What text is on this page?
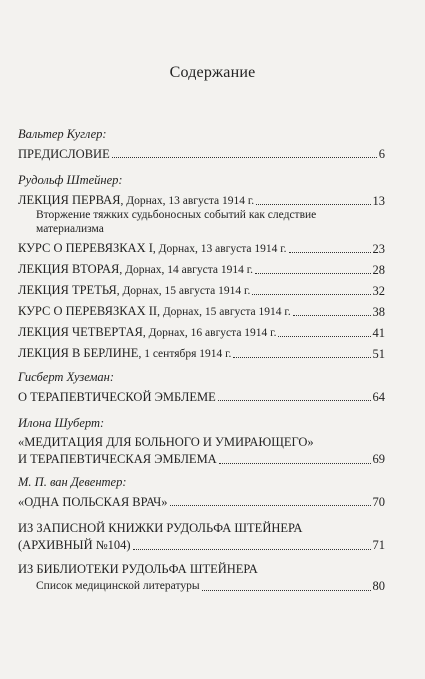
Содержание
Вальтер Куглер:
ПРЕДИСЛОВИЕ	6
Рудольф Штейнер:
ЛЕКЦИЯ ПЕРВАЯ, Дорнах, 13 августа 1914 г.	13
Вторжение тяжких судьбоносных событий как следствие материализма
КУРС О ПЕРЕВЯЗКАХ I, Дорнах, 13 августа 1914 г.	23
ЛЕКЦИЯ ВТОРАЯ, Дорнах, 14 августа 1914 г.	28
ЛЕКЦИЯ ТРЕТЬЯ, Дорнах, 15 августа 1914 г.	32
КУРС О ПЕРЕВЯЗКАХ II, Дорнах, 15 августа 1914 г.	38
ЛЕКЦИЯ ЧЕТВЕРТАЯ, Дорнах, 16 августа 1914 г.	41
ЛЕКЦИЯ В БЕРЛИНЕ, 1 сентября 1914 г.	51
Гисберт Хуземан:
О ТЕРАПЕВТИЧЕСКОЙ ЭМБЛЕМЕ	64
Илона Шуберт:
«МЕДИТАЦИЯ ДЛЯ БОЛЬНОГО И УМИРАЮЩЕГО»
И ТЕРАПЕВТИЧЕСКАЯ ЭМБЛЕМА	69
М. П. ван Девентер:
«ОДНА ПОЛЬСКАЯ ВРАЧ»	70
ИЗ ЗАПИСНОЙ КНИЖКИ РУДОЛЬФА ШТЕЙНЕРА
(АРХИВНЫЙ №104)	71
ИЗ БИБЛИОТЕКИ РУДОЛЬФА ШТЕЙНЕРА
Список медицинской литературы	80
